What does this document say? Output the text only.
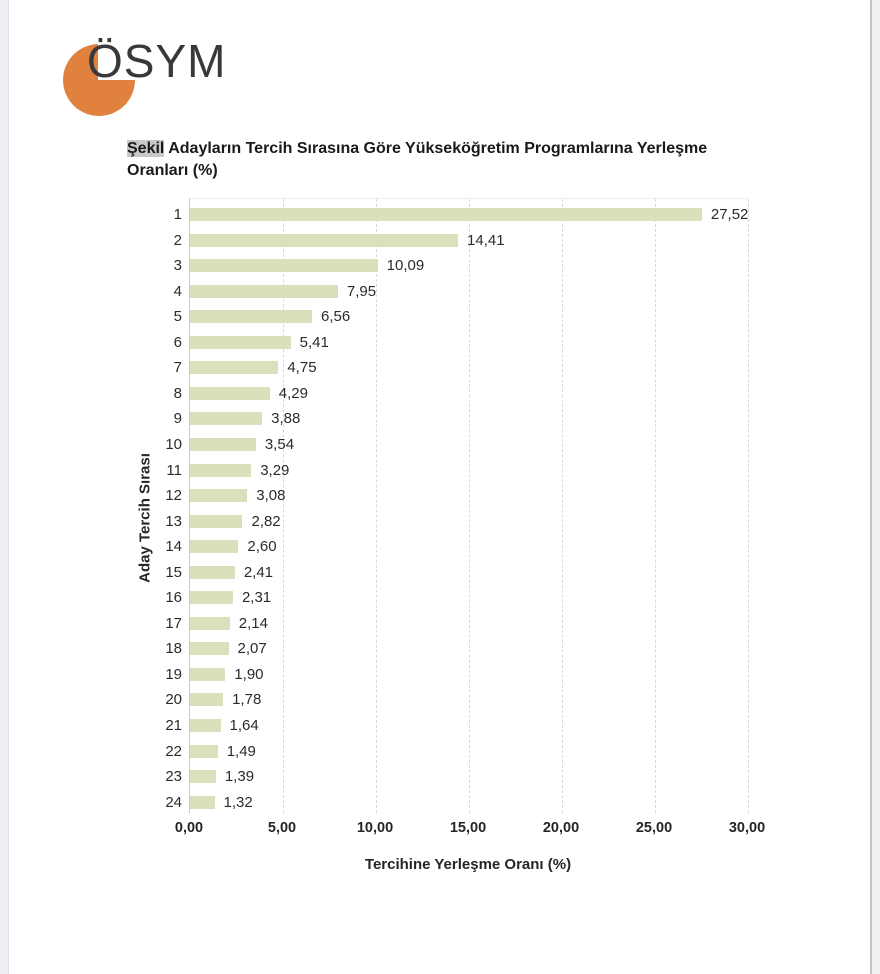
ÖSYM
Şekil Adayların Tercih Sırasına Göre Yükseköğretim Programlarına Yerleşme Oranları (%)
1	27,52
2	14,41
3	10,09
4	7,95
5	6,56
6	5,41
7	4,75
8	4,29
9	3,88
10	3,54
11	3,29
12	3,08
13	2,82
14	2,60
15	2,41
16	2,31
17	2,14
18	2,07
19	1,90
20	1,78
21	1,64
22	1,49
23	1,39
24	1,32
0,00	5,00	10,00	15,00	20,00	25,00	30,00
Tercihine Yerleşme Oranı (%)
Aday Tercih Sırası
